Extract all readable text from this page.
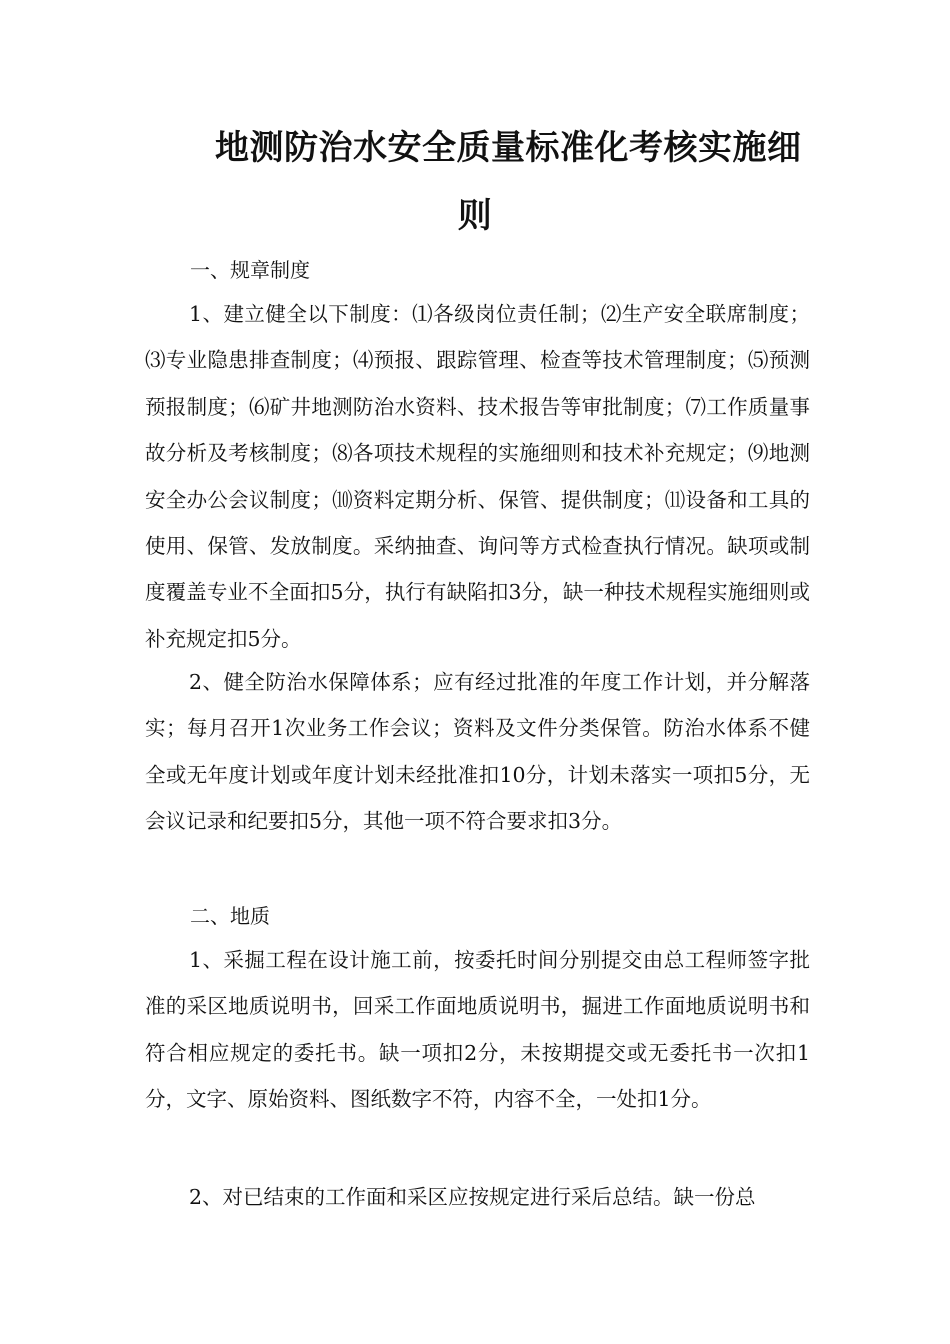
地测防治水安全质量标准化考核实施细
则
一、规章制度

1、建立健全以下制度：⑴各级岗位责任制；⑵生产安全联席制度；⑶专业隐患排查制度；⑷预报、跟踪管理、检查等技术管理制度；⑸预测预报制度；⑹矿井地测防治水资料、技术报告等审批制度；⑺工作质量事故分析及考核制度；⑻各项技术规程的实施细则和技术补充规定；⑼地测安全办公会议制度；⑽资料定期分析、保管、提供制度；⑾设备和工具的使用、保管、发放制度。采纳抽查、询问等方式检查执行情况。缺项或制度覆盖专业不全面扣5分，执行有缺陷扣3分，缺一种技术规程实施细则或补充规定扣5分。

2、健全防治水保障体系；应有经过批准的年度工作计划，并分解落实；每月召开1次业务工作会议；资料及文件分类保管。防治水体系不健全或无年度计划或年度计划未经批准扣10分，计划未落实一项扣5分，无会议记录和纪要扣5分，其他一项不符合要求扣3分。

二、地质

1、采掘工程在设计施工前，按委托时间分别提交由总工程师签字批准的采区地质说明书，回采工作面地质说明书，掘进工作面地质说明书和符合相应规定的委托书。缺一项扣2分，未按期提交或无委托书一次扣1分，文字、原始资料、图纸数字不符，内容不全，一处扣1分。

2、对已结束的工作面和采区应按规定进行采后总结。缺一份总
